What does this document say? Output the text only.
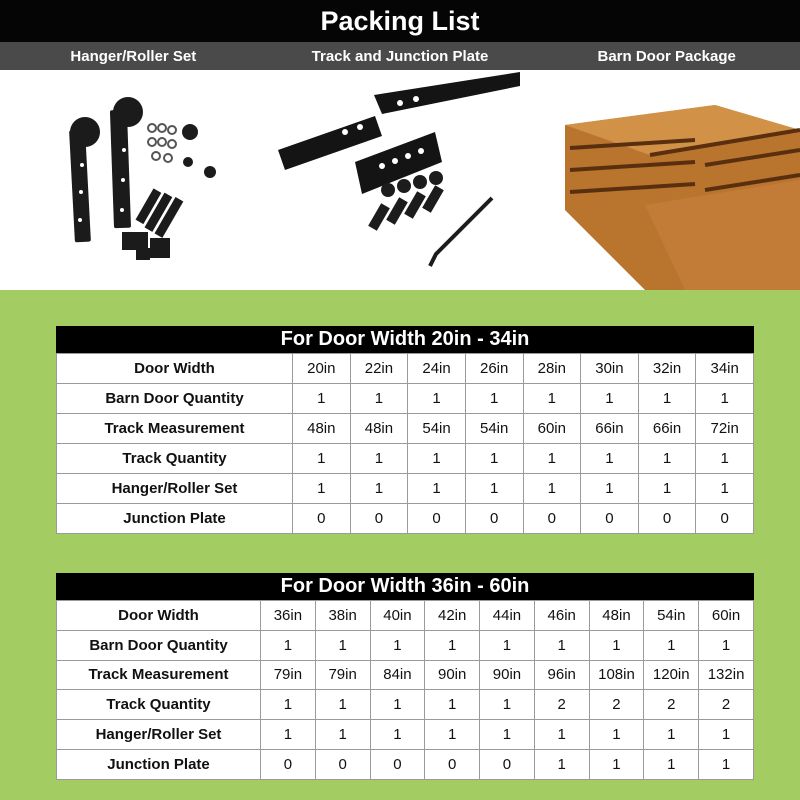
Packing List
Hanger/Roller Set	Track and Junction Plate	Barn Door Package
For Door Width 20in - 34in
Door Width	20in	22in	24in	26in	28in	30in	32in	34in
Barn Door Quantity	1	1	1	1	1	1	1	1
Track Measurement	48in	48in	54in	54in	60in	66in	66in	72in
Track Quantity	1	1	1	1	1	1	1	1
Hanger/Roller Set	1	1	1	1	1	1	1	1
Junction Plate	0	0	0	0	0	0	0	0
For Door Width 36in - 60in
Door Width	36in	38in	40in	42in	44in	46in	48in	54in	60in
Barn Door Quantity	1	1	1	1	1	1	1	1	1
Track Measurement	79in	79in	84in	90in	90in	96in	108in	120in	132in
Track Quantity	1	1	1	1	1	2	2	2	2
Hanger/Roller Set	1	1	1	1	1	1	1	1	1
Junction Plate	0	0	0	0	0	1	1	1	1
